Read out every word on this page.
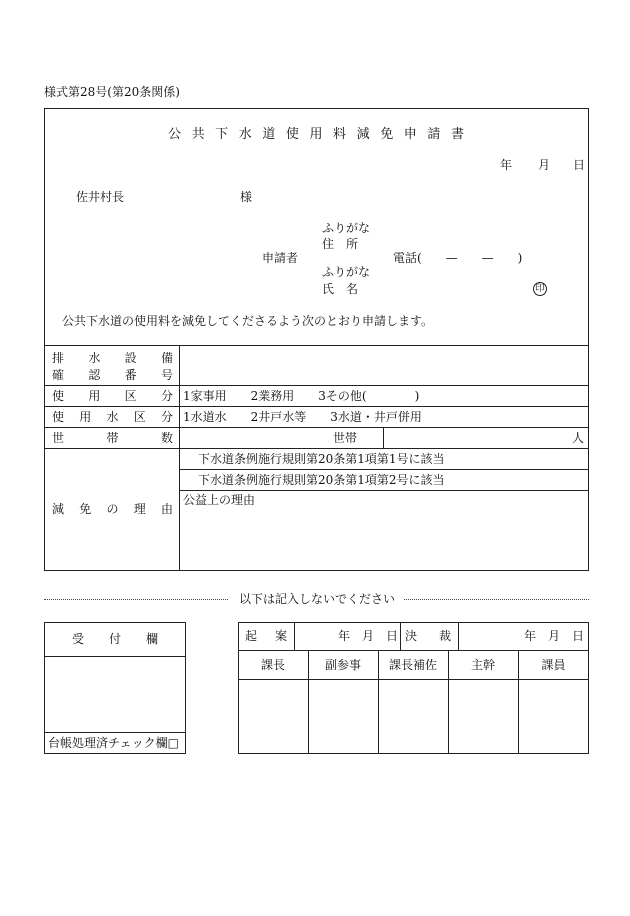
様式第28号(第20条関係)
公 共 下 水 道 使 用 料 減 免 申 請 書
年 月 日
佐井村長	様
ふりがな
住　所
申請者	電話(　　—　　—　　)
ふりがな
氏　名	印
公共下水道の使用料を減免してくださるよう次のとおり申請します。
排 水 設 備
確 認 番 号
使 用 区 分 1家事用　　2業務用　　3その他(　　　　)
使 用 水 区 分 1水道水　　2井戸水等　　3水道・井戸併用
世	帯	数	世帯	人
減 免 の 理 由
下水道条例施行規則第20条第1項第1号に該当
下水道条例施行規則第20条第1項第2号に該当
公益上の理由
以下は記入しないでください
受 付 欄
台帳処理済チェック欄□
起 案	年　月　日 決 裁	年　月　日
課長	副参事	課長補佐	主幹	課員
